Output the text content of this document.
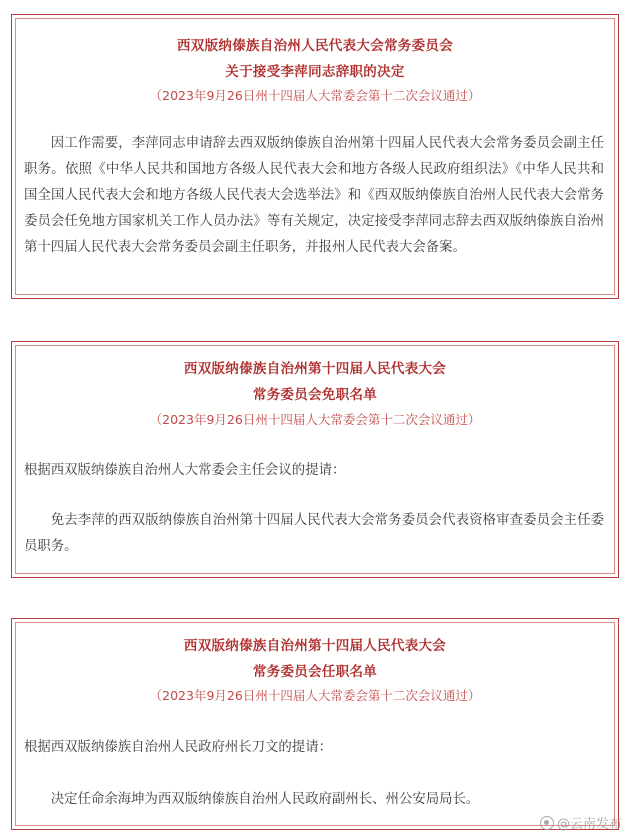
西双版纳傣族自治州人民代表大会常务委员会
关于接受李萍同志辞职的决定
（2023年9月26日州十四届人大常委会第十二次会议通过）
因工作需要，李萍同志申请辞去西双版纳傣族自治州第十四届人民代表大会常务委员会副主任职务。依照《中华人民共和国地方各级人民代表大会和地方各级人民政府组织法》《中华人民共和国全国人民代表大会和地方各级人民代表大会选举法》和《西双版纳傣族自治州人民代表大会常务委员会任免地方国家机关工作人员办法》等有关规定，决定接受李萍同志辞去西双版纳傣族自治州第十四届人民代表大会常务委员会副主任职务，并报州人民代表大会备案。
西双版纳傣族自治州第十四届人民代表大会
常务委员会免职名单
（2023年9月26日州十四届人大常委会第十二次会议通过）
根据西双版纳傣族自治州人大常委会主任会议的提请：
免去李萍的西双版纳傣族自治州第十四届人民代表大会常务委员会代表资格审查委员会主任委员职务。
西双版纳傣族自治州第十四届人民代表大会
常务委员会任职名单
（2023年9月26日州十四届人大常委会第十二次会议通过）
根据西双版纳傣族自治州人民政府州长刀文的提请：
决定任命余海坤为西双版纳傣族自治州人民政府副州长、州公安局局长。
@云南发布
